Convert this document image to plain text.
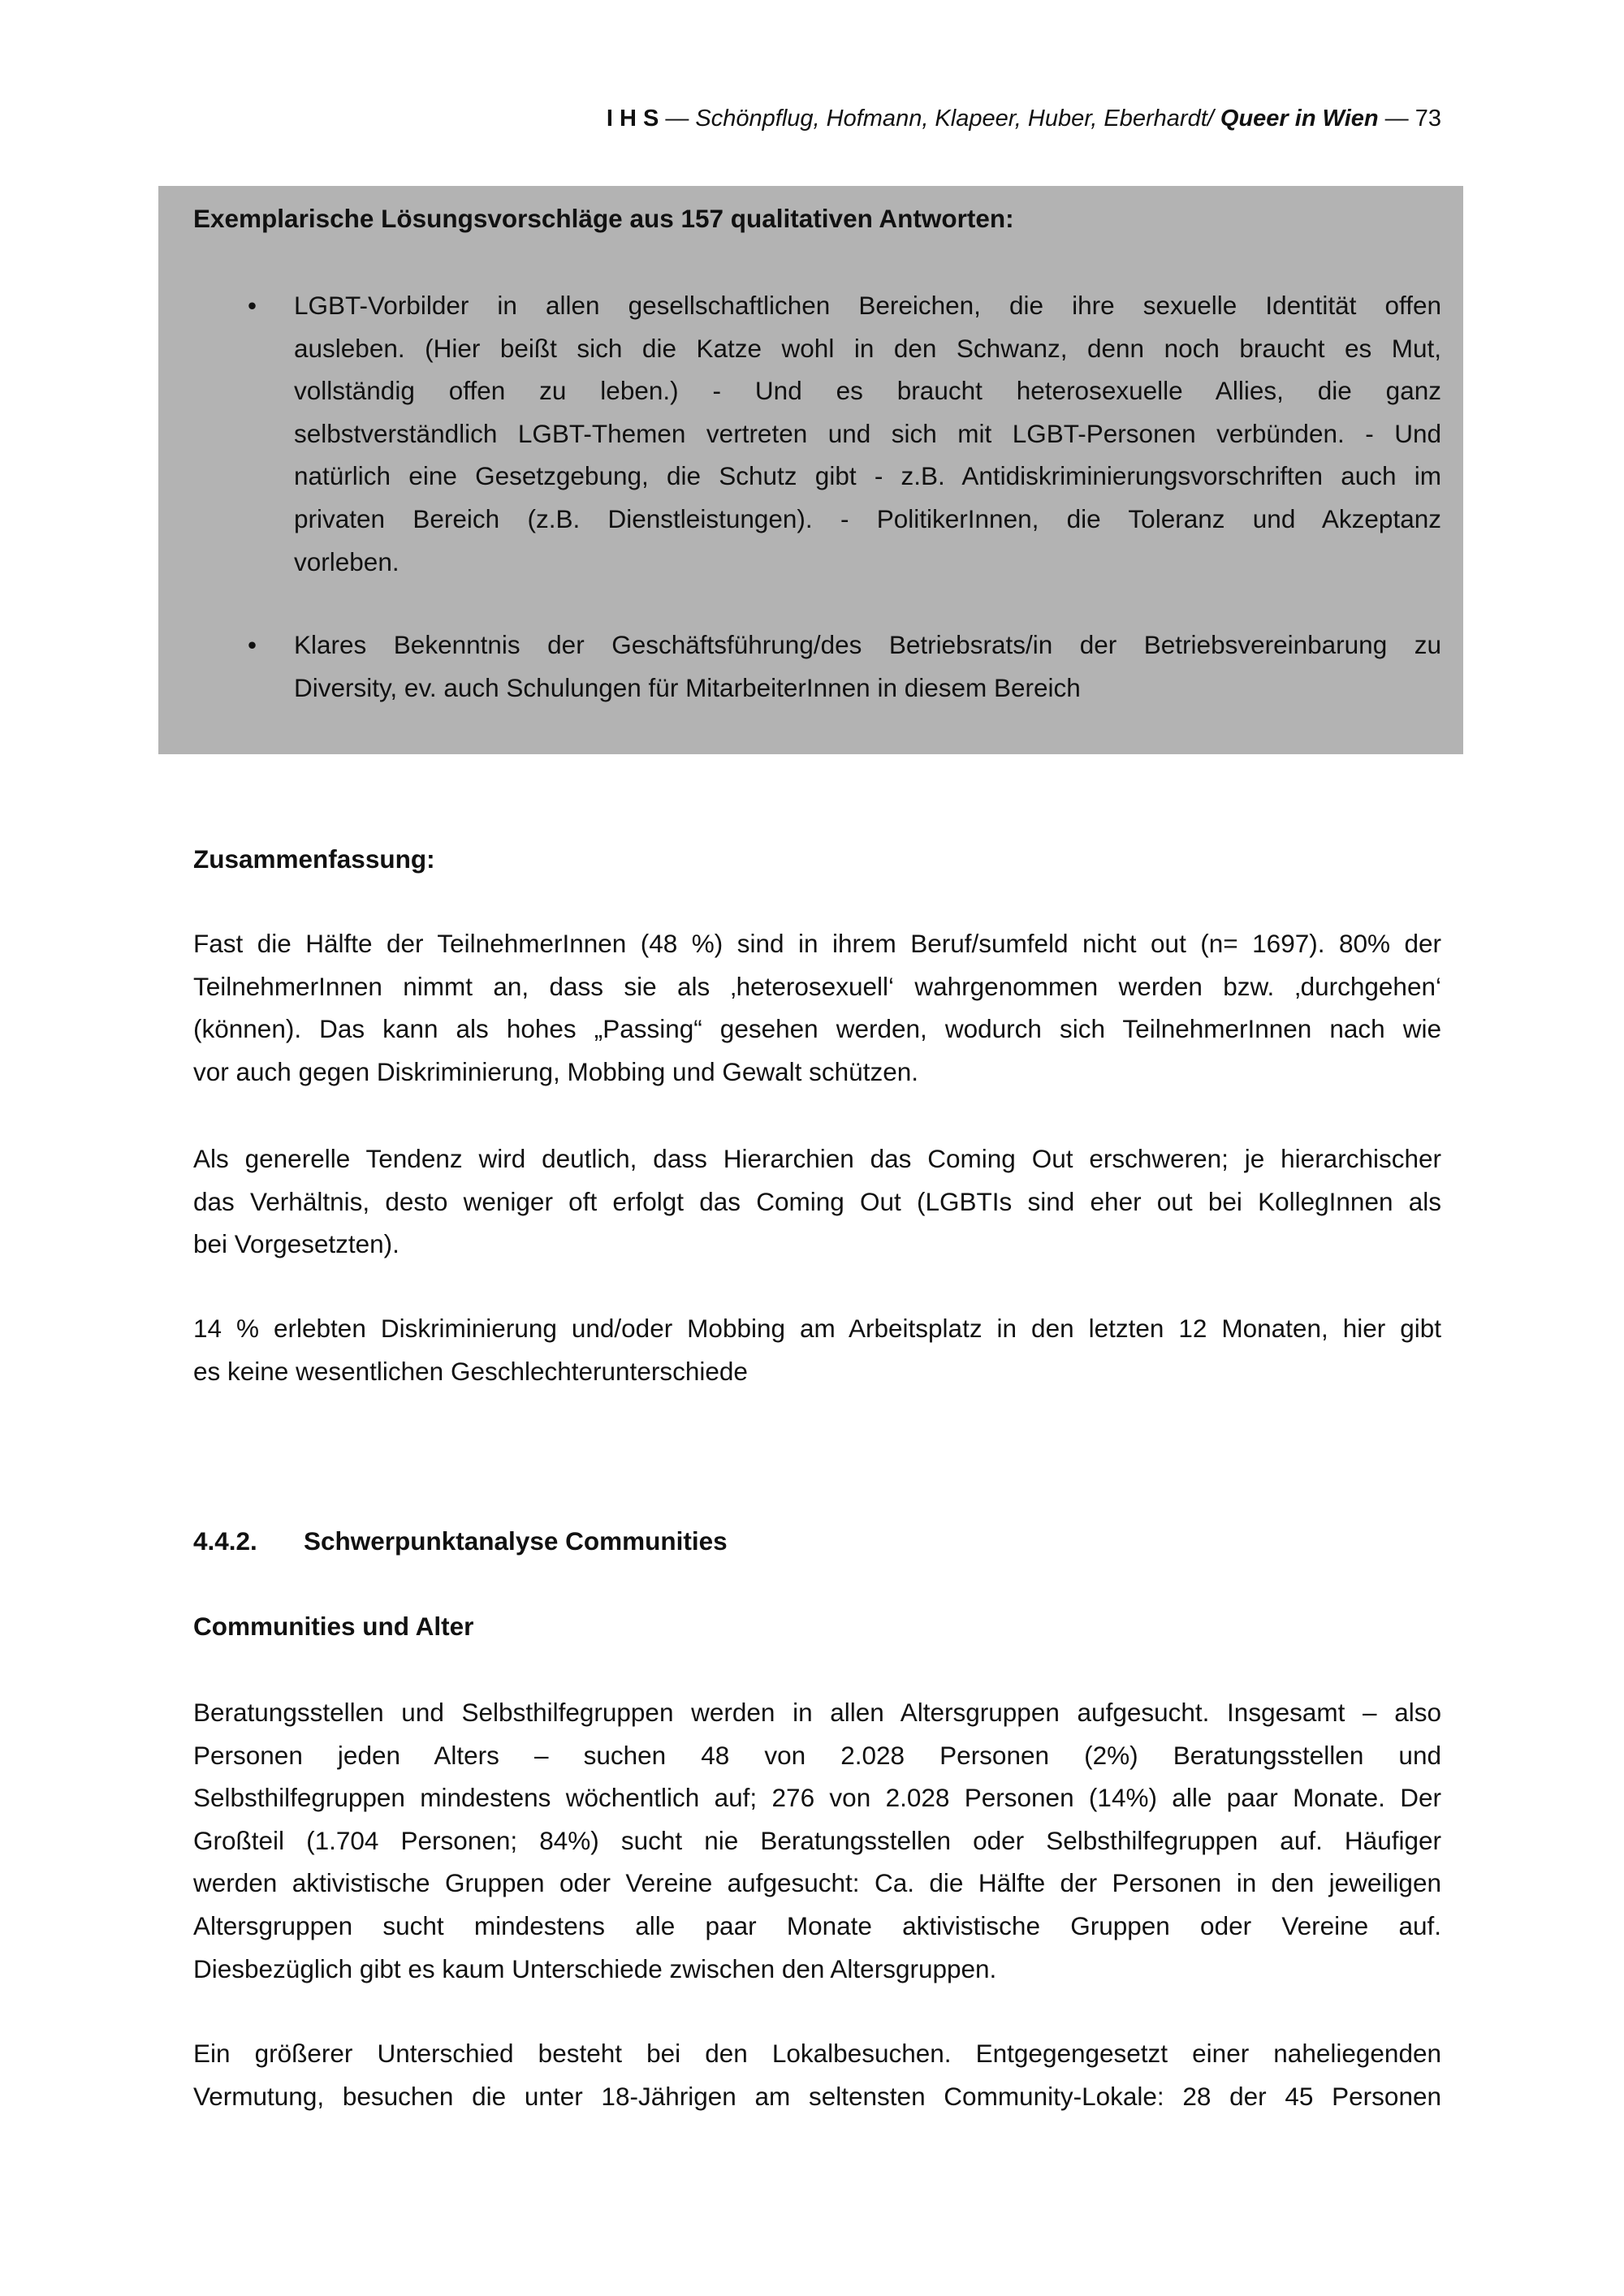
I H S — Schönpflug, Hofmann, Klapeer, Huber, Eberhardt/ Queer in Wien — 73
Exemplarische Lösungsvorschläge aus 157 qualitativen Antworten:
• LGBT-Vorbilder in allen gesellschaftlichen Bereichen, die ihre sexuelle Identität offen
ausleben. (Hier beißt sich die Katze wohl in den Schwanz, denn noch braucht es Mut,
vollständig offen zu leben.) - Und es braucht heterosexuelle Allies, die ganz
selbstverständlich LGBT-Themen vertreten und sich mit LGBT-Personen verbünden. - Und
natürlich eine Gesetzgebung, die Schutz gibt - z.B. Antidiskriminierungsvorschriften auch im
privaten Bereich (z.B. Dienstleistungen). - PolitikerInnen, die Toleranz und Akzeptanz
vorleben.
• Klares Bekenntnis der Geschäftsführung/des Betriebsrats/in der Betriebsvereinbarung zu
Diversity, ev. auch Schulungen für MitarbeiterInnen in diesem Bereich
Zusammenfassung:
Fast die Hälfte der TeilnehmerInnen (48 %) sind in ihrem Beruf/sumfeld nicht out (n= 1697). 80% der
TeilnehmerInnen nimmt an, dass sie als ‚heterosexuell‘ wahrgenommen werden bzw. ‚durchgehen‘
(können). Das kann als hohes „Passing“ gesehen werden, wodurch sich TeilnehmerInnen nach wie
vor auch gegen Diskriminierung, Mobbing und Gewalt schützen.
Als generelle Tendenz wird deutlich, dass Hierarchien das Coming Out erschweren; je hierarchischer
das Verhältnis, desto weniger oft erfolgt das Coming Out (LGBTIs sind eher out bei KollegInnen als
bei Vorgesetzten).
14 % erlebten Diskriminierung und/oder Mobbing am Arbeitsplatz in den letzten 12 Monaten, hier gibt
es keine wesentlichen Geschlechterunterschiede
4.4.2. Schwerpunktanalyse Communities
Communities und Alter
Beratungsstellen und Selbsthilfegruppen werden in allen Altersgruppen aufgesucht. Insgesamt – also
Personen jeden Alters – suchen 48 von 2.028 Personen (2%) Beratungsstellen und
Selbsthilfegruppen mindestens wöchentlich auf; 276 von 2.028 Personen (14%) alle paar Monate. Der
Großteil (1.704 Personen; 84%) sucht nie Beratungsstellen oder Selbsthilfegruppen auf. Häufiger
werden aktivistische Gruppen oder Vereine aufgesucht: Ca. die Hälfte der Personen in den jeweiligen
Altersgruppen sucht mindestens alle paar Monate aktivistische Gruppen oder Vereine auf.
Diesbezüglich gibt es kaum Unterschiede zwischen den Altersgruppen.
Ein größerer Unterschied besteht bei den Lokalbesuchen. Entgegengesetzt einer naheliegenden
Vermutung, besuchen die unter 18-Jährigen am seltensten Community-Lokale: 28 der 45 Personen
